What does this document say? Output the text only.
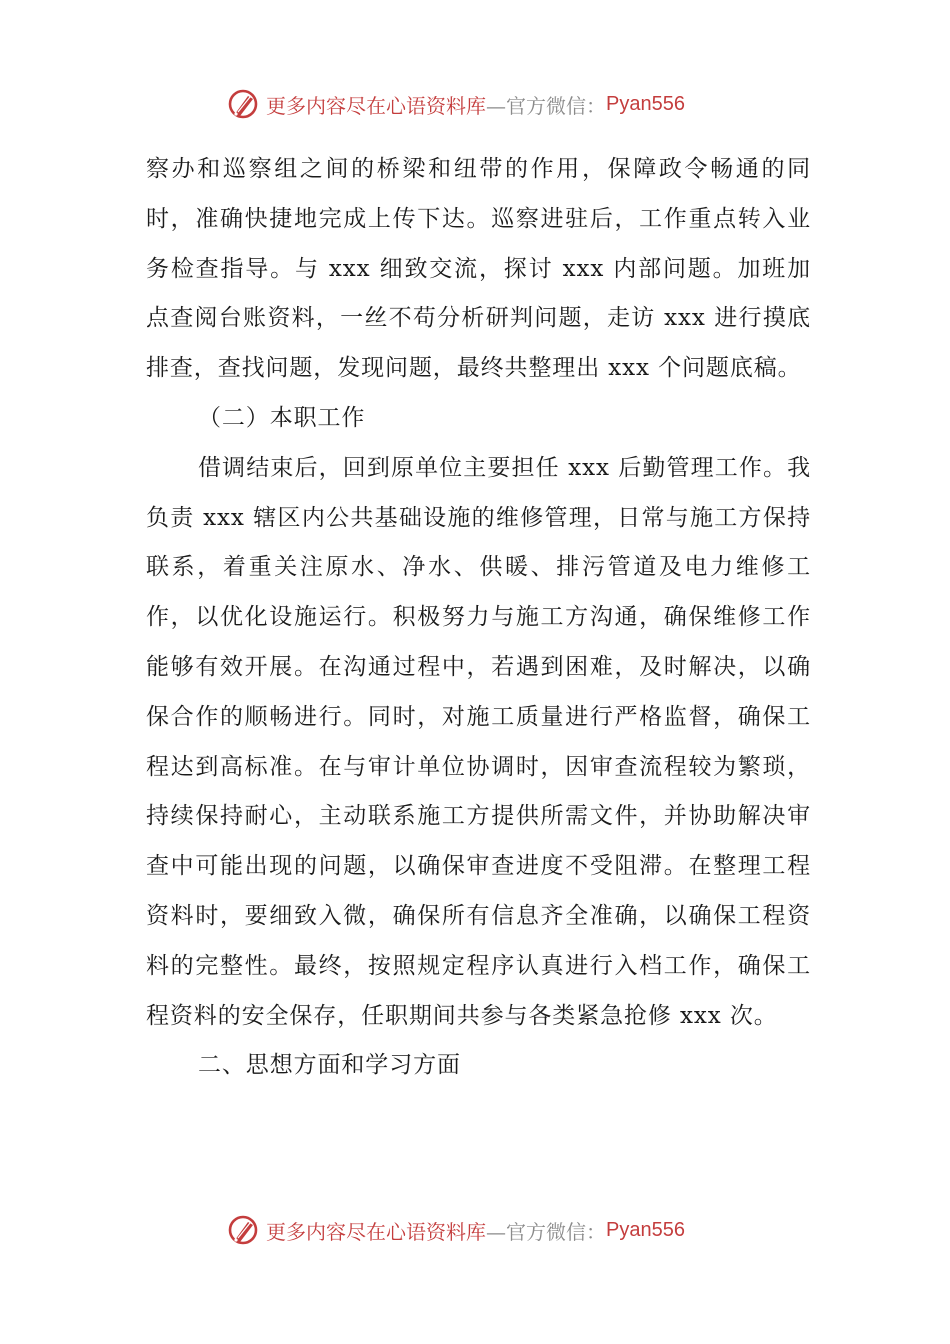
更多内容尽在心语资料库 —官方微信： Pyan556

察办和巡察组之间的桥梁和纽带的作用，保障政令畅通的同时，准确快捷地完成上传下达。巡察进驻后，工作重点转入业务检查指导。与 xxx 细致交流，探讨 xxx 内部问题。加班加点查阅台账资料，一丝不苟分析研判问题，走访 xxx 进行摸底排查，查找问题，发现问题，最终共整理出 xxx 个问题底稿。

（二）本职工作

借调结束后，回到原单位主要担任 xxx 后勤管理工作。我负责 xxx 辖区内公共基础设施的维修管理，日常与施工方保持联系，着重关注原水、净水、供暖、排污管道及电力维修工作，以优化设施运行。积极努力与施工方沟通，确保维修工作能够有效开展。在沟通过程中，若遇到困难，及时解决，以确保合作的顺畅进行。同时，对施工质量进行严格监督，确保工程达到高标准。在与审计单位协调时，因审查流程较为繁琐，持续保持耐心，主动联系施工方提供所需文件，并协助解决审查中可能出现的问题，以确保审查进度不受阻滞。在整理工程资料时，要细致入微，确保所有信息齐全准确，以确保工程资料的完整性。最终，按照规定程序认真进行入档工作，确保工程资料的安全保存，任职期间共参与各类紧急抢修 xxx 次。

二、思想方面和学习方面

更多内容尽在心语资料库 —官方微信： Pyan556
